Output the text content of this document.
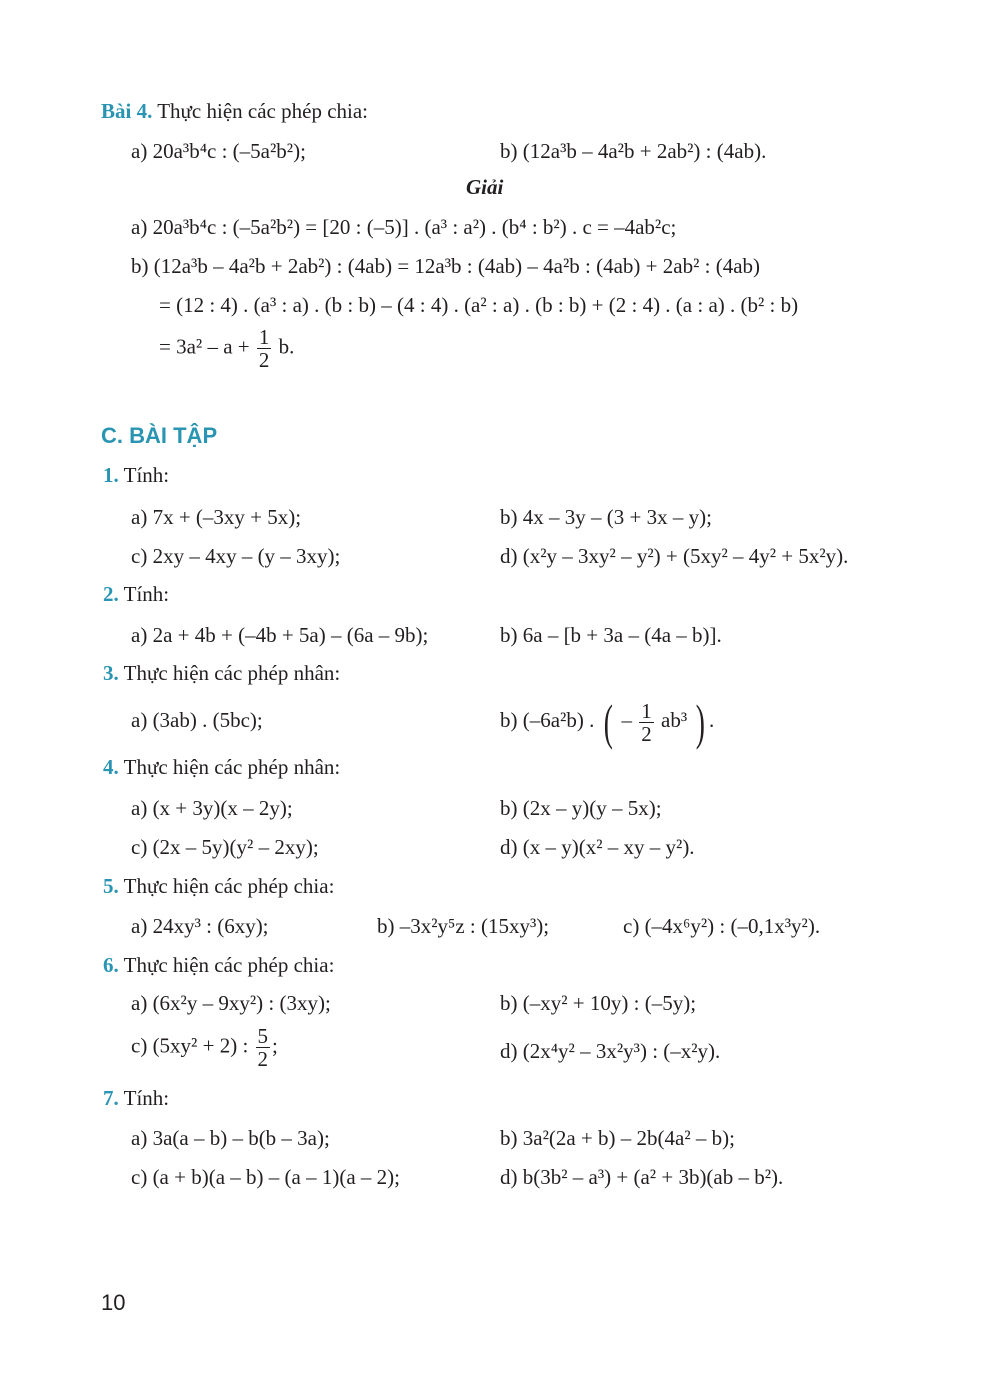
Bài 4. Thực hiện các phép chia:
a) 20a³b⁴c : (–5a²b²);	b) (12a³b – 4a²b + 2ab²) : (4ab).
Giải
a) 20a³b⁴c : (–5a²b²) = [20 : (–5)] . (a³ : a²) . (b⁴ : b²) . c = –4ab²c;
b) (12a³b – 4a²b + 2ab²) : (4ab) = 12a³b : (4ab) – 4a²b : (4ab) + 2ab² : (4ab)
= (12 : 4) . (a³ : a) . (b : b) – (4 : 4) . (a² : a) . (b : b) + (2 : 4) . (a : a) . (b² : b)
= $3a^2 - a + \frac{1}{2} b$.
C. BÀI TẬP
1. Tính:
a) 7x + (–3xy + 5x);	b) 4x – 3y – (3 + 3x – y);
c) 2xy – 4xy – (y – 3xy);	d) (x²y – 3xy² – y²) + (5xy² – 4y² + 5x²y).
2. Tính:
a) 2a + 4b + (–4b + 5a) – (6a – 9b);	b) 6a – [b + 3a – (4a – b)].
3. Thực hiện các phép nhân:
a) (3ab) . (5bc);	b) (–6a²b) . ( – $\frac{1}{2} ab^3$ ) .
4. Thực hiện các phép nhân:
a) (x + 3y)(x – 2y);	b) (2x – y)(y – 5x);
c) (2x – 5y)(y² – 2xy);	d) (x – y)(x² – xy – y²).
5. Thực hiện các phép chia:
a) 24xy³ : (6xy);	b) –3x²y⁵z : (15xy³);	c) (–4x⁶y²) : (–0,1x³y²).
6. Thực hiện các phép chia:
a) (6x²y – 9xy²) : (3xy);	b) (–xy² + 10y) : (–5y);
c) (5xy² + 2) : $\frac{5}{2}$ ;	d) (2x⁴y² – 3x²y³) : (–x²y).
7. Tính:
a) 3a(a – b) – b(b – 3a);	b) 3a²(2a + b) – 2b(4a² – b);
c) (a + b)(a – b) – (a – 1)(a – 2);	d) b(3b² – a³) + (a² + 3b)(ab – b²).
10
